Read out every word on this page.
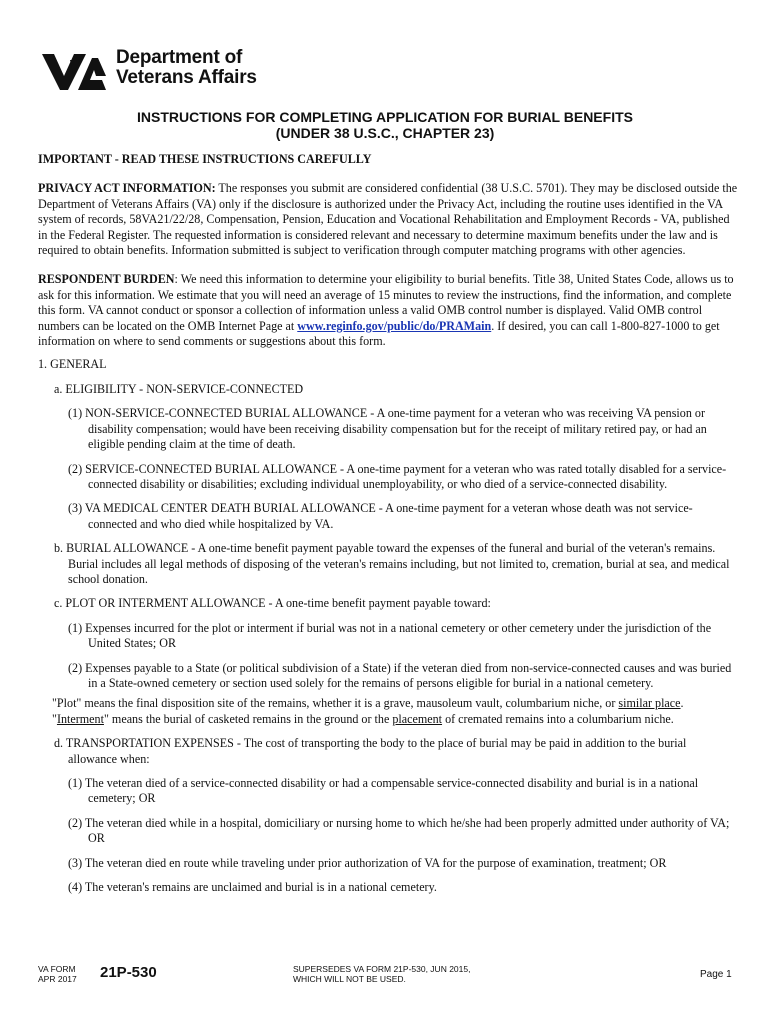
Department of
Veterans Affairs
INSTRUCTIONS FOR COMPLETING APPLICATION FOR BURIAL BENEFITS
(UNDER 38 U.S.C., CHAPTER 23)

IMPORTANT - READ THESE INSTRUCTIONS CAREFULLY

PRIVACY ACT INFORMATION: The responses you submit are considered confidential (38 U.S.C. 5701). They may be disclosed outside the Department of Veterans Affairs (VA) only if the disclosure is authorized under the Privacy Act, including the routine uses identified in the VA system of records, 58VA21/22/28, Compensation, Pension, Education and Vocational Rehabilitation and Employment Records - VA, published in the Federal Register. The requested information is considered relevant and necessary to determine maximum benefits under the law and is required to obtain benefits. Information submitted is subject to verification through computer matching programs with other agencies.

RESPONDENT BURDEN: We need this information to determine your eligibility to burial benefits. Title 38, United States Code, allows us to ask for this information. We estimate that you will need an average of 15 minutes to review the instructions, find the information, and complete this form. VA cannot conduct or sponsor a collection of information unless a valid OMB control number is displayed. Valid OMB control numbers can be located on the OMB Internet Page at www.reginfo.gov/public/do/PRAMain. If desired, you can call 1-800-827-1000 to get information on where to send comments or suggestions about this form.

1. GENERAL

a. ELIGIBILITY - NON-SERVICE-CONNECTED

(1) NON-SERVICE-CONNECTED BURIAL ALLOWANCE - A one-time payment for a veteran who was receiving VA pension or disability compensation; would have been receiving disability compensation but for the receipt of military retired pay, or had an eligible pending claim at the time of death.

(2) SERVICE-CONNECTED BURIAL ALLOWANCE - A one-time payment for a veteran who was rated totally disabled for a service-connected disability or disabilities; excluding individual unemployability, or who died of a service-connected disability.

(3) VA MEDICAL CENTER DEATH BURIAL ALLOWANCE - A one-time payment for a veteran whose death was not service-connected and who died while hospitalized by VA.

b. BURIAL ALLOWANCE - A one-time benefit payment payable toward the expenses of the funeral and burial of the veteran's remains. Burial includes all legal methods of disposing of the veteran's remains including, but not limited to, cremation, burial at sea, and medical school donation.

c. PLOT OR INTERMENT ALLOWANCE - A one-time benefit payment payable toward:

(1) Expenses incurred for the plot or interment if burial was not in a national cemetery or other cemetery under the jurisdiction of the United States; OR

(2) Expenses payable to a State (or political subdivision of a State) if the veteran died from non-service-connected causes and was buried in a State-owned cemetery or section used solely for the remains of persons eligible for burial in a national cemetery.

"Plot" means the final disposition site of the remains, whether it is a grave, mausoleum vault, columbarium niche, or similar place.

"Interment" means the burial of casketed remains in the ground or the placement of cremated remains into a columbarium niche.

d. TRANSPORTATION EXPENSES - The cost of transporting the body to the place of burial may be paid in addition to the burial allowance when:

(1) The veteran died of a service-connected disability or had a compensable service-connected disability and burial is in a national cemetery; OR

(2) The veteran died while in a hospital, domiciliary or nursing home to which he/she had been properly admitted under authority of VA; OR

(3) The veteran died en route while traveling under prior authorization of VA for the purpose of examination, treatment; OR

(4) The veteran's remains are unclaimed and burial is in a national cemetery.

VA FORM
APR 2017 21P-530	SUPERSEDES VA FORM 21P-530, JUN 2015,
WHICH WILL NOT BE USED.	Page 1
